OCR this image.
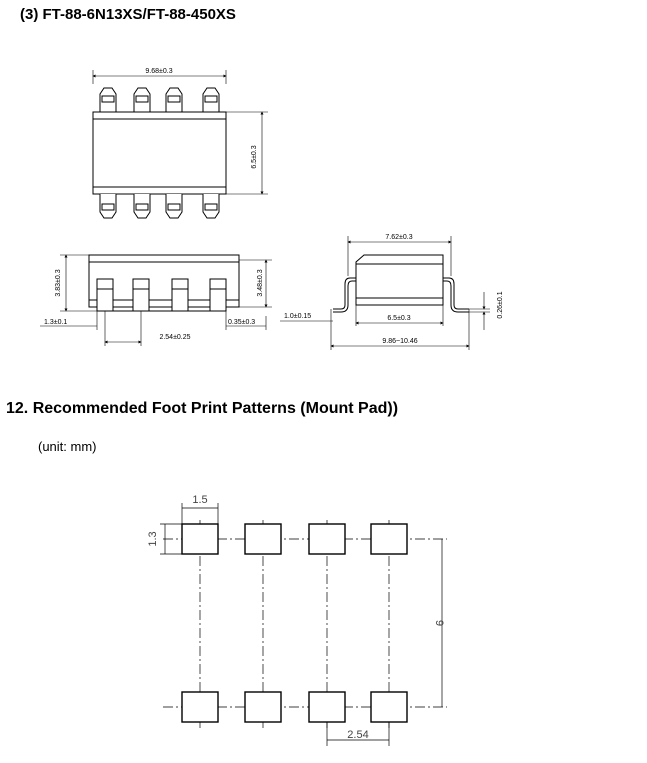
(3) FT-88-6N13XS/FT-88-450XS
12. Recommended Foot Print Patterns (Mount Pad))
(unit: mm)
9.68±0.3
6.5±0.3
3.83±0.3	3.48±0.3
1.3±0.1
2.54±0.25
0.35±0.3
7.62±0.3
1.0±0.15	6.5±0.3
9.86~10.46
0.26±0.1
1.5
1.3
9
2.54
